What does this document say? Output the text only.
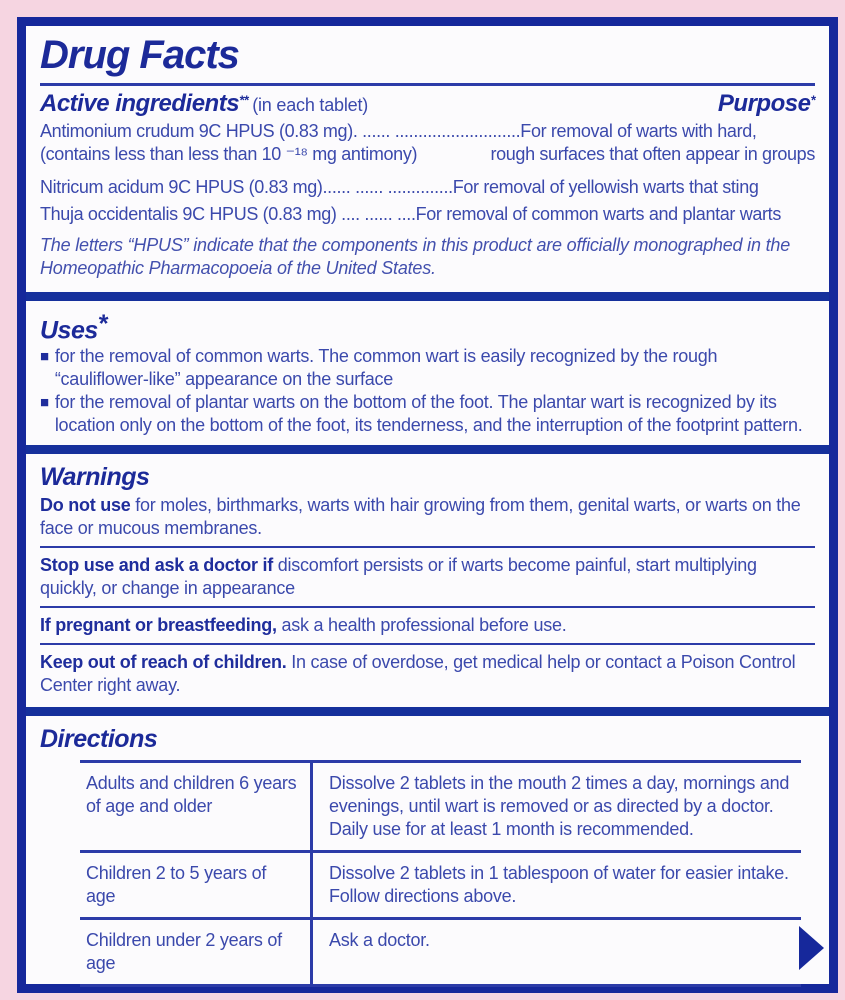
Drug Facts
Active ingredients** (in each tablet)	Purpose*
Antimonium crudum 9C HPUS (0.83 mg). ...... ...........................For removal of warts with hard,
(contains less than less than 10 ⁻¹⁸ mg antimony)	rough surfaces that often appear in groups
Nitricum acidum 9C HPUS (0.83 mg)...... ...... ..............For removal of yellowish warts that sting
Thuja occidentalis 9C HPUS (0.83 mg) .... ...... ....For removal of common warts and plantar warts
The letters “HPUS” indicate that the components in this product are officially monographed in the Homeopathic Pharmacopoeia of the United States.
Uses*
■ for the removal of common warts. The common wart is easily recognized by the rough “cauliflower-like” appearance on the surface
■ for the removal of plantar warts on the bottom of the foot. The plantar wart is recognized by its location only on the bottom of the foot, its tenderness, and the interruption of the footprint pattern.
Warnings
Do not use for moles, birthmarks, warts with hair growing from them, genital warts, or warts on the face or mucous membranes.
Stop use and ask a doctor if discomfort persists or if warts become painful, start multiplying quickly, or change in appearance
If pregnant or breastfeeding, ask a health professional before use.
Keep out of reach of children. In case of overdose, get medical help or contact a Poison Control Center right away.
Directions
Adults and children 6 years of age and older
Dissolve 2 tablets in the mouth 2 times a day, mornings and evenings, until wart is removed or as directed by a doctor. Daily use for at least 1 month is recommended.
Children 2 to 5 years of age
Dissolve 2 tablets in 1 tablespoon of water for easier intake. Follow directions above.
Children under 2 years of age
Ask a doctor.
